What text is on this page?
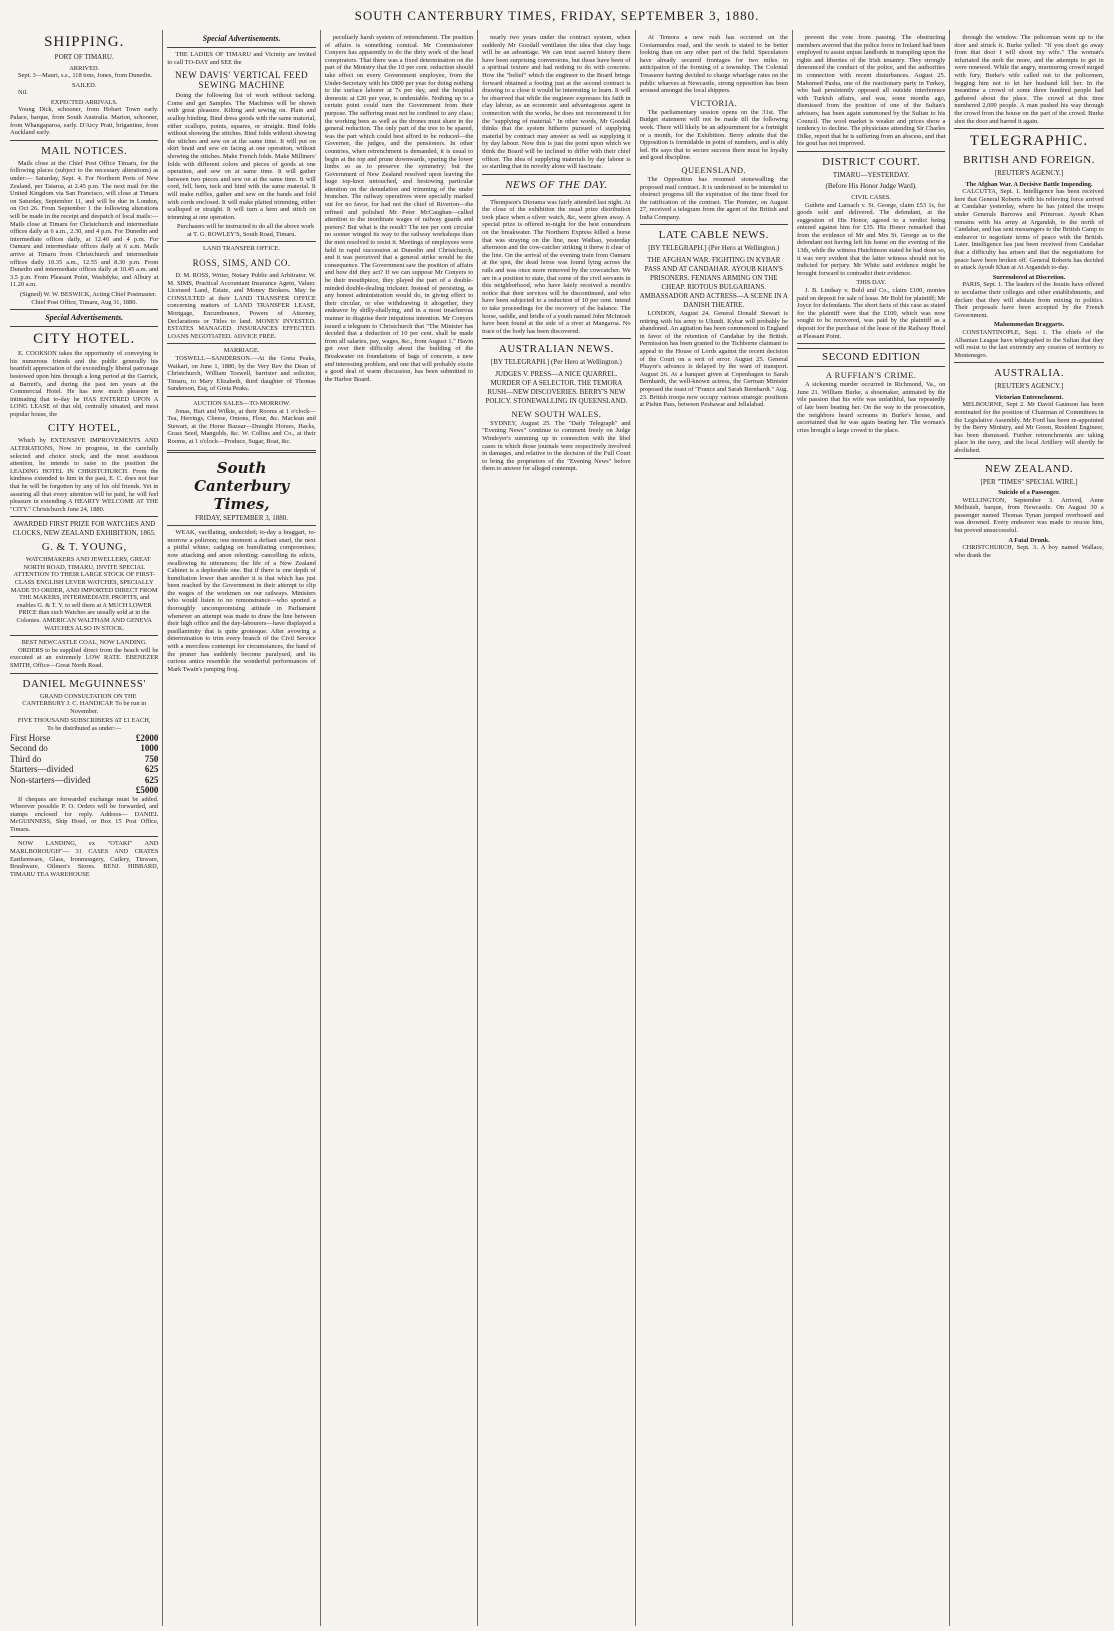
SOUTH CANTERBURY TIMES, FRIDAY, SEPTEMBER 3, 1880.
SHIPPING.
PORT OF TIMARU.
ARRIVED.
Sept. 3—Mauri, s.s., 118 tons, Jones, from Dunedin.
SAILED.
Nil.
EXPECTED ARRIVALS.
Young Dick, schooner, from Hobart Town early. Palace, barque, from South Australia. Marion, schooner, from Whangaparoa, early. D'Arcy Pratt, brigantine, from Auckland early.
MAIL NOTICES.
Mails close at the Chief Post Office Timaru, for the following places (subject to the necessary alterations) as under:— Saturday, Sept. 4. For Northern Ports of New Zealand, per Taiaroa, at 2.45 p.m. The next mail for the United Kingdom via San Francisco, will close at Timaru on Saturday, September 11, and will be due in London, on Oct 26. From September 1 the following alterations will be made in the receipt and despatch of local mails:— Mails close at Timaru for Christchurch and intermediate offices daily at 6 a.m., 2.30, and 4 p.m. For Dunedin and intermediate offices daily, at 12.40 and 4 p.m. For Oamaru and intermediate offices daily at 6 a.m. Mails arrive at Timaru from Christchurch and intermediate offices daily 10.35 a.m., 12.55 and 8.30 p.m. From Dunedin and intermediate offices daily at 10.45 a.m. and 3.5 p.m. From Pleasant Point, Washdyke, and Albury at 11.20 a.m.
(Signed) W. W. BESWICK, Acting Chief Postmaster. Chief Post Office, Timaru, Aug 31, 1880.
Special Advertisements.
CITY HOTEL.
E. COOKSON takes the opportunity of conveying to his numerous friends and the public generally his heartfelt appreciation of the exceedingly liberal patronage bestowed upon him through a long period at the Garrick, at Barrett's, and during the past ten years at the Commercial Hotel. He has now much pleasure in intimating that to-day he HAS ENTERED UPON A LONG LEASE of that old, centrally situated, and most popular house, the
CITY HOTEL,
Which by EXTENSIVE IMPROVEMENTS AND ALTERATIONS, Now in progress, in the carefully selected and choice stock, and the most assiduous attention, he intends to raise to the position the LEADING HOTEL IN CHRISTCHURCH. From the kindness extended to him in the past, E. C. does not fear that he will be forgotten by any of his old friends. Yet in assuring all that every attention will be paid, he will feel pleasure in extending A HEARTY WELCOME AT THE "CITY." Christchurch June 24, 1880.
AWARDED FIRST PRIZE FOR WATCHES AND CLOCKS, NEW ZEALAND EXHIBITION, 1865.
G. & T. YOUNG,
WATCHMAKERS AND JEWELLERS, GREAT NORTH ROAD, TIMARU, INVITE SPECIAL ATTENTION TO THEIR LARGE STOCK OF FIRST-CLASS ENGLISH LEVER WATCHES, SPECIALLY MADE TO ORDER, AND IMPORTED DIRECT FROM THE MAKERS, INTERMEDIATE PROFITS, and enables G. & T. Y. to sell them at A MUCH LOWER PRICE than such Watches are usually sold at in the Colonies. AMERICAN WALTHAM AND GENEVA WATCHES ALSO IN STOCK.
BEST NEWCASTLE COAL, NOW LANDING.
ORDERS to be supplied direct from the beach will be executed at an extremely LOW RATE. EBENEZER SMITH, Office—Great North Road.
DANIEL McGUINNESS'
GRAND CONSULTATION ON THE CANTERBURY J. C. HANDICAP. To be run in November.
FIVE THOUSAND SUBSCRIBERS AT £1 EACH,
To be distributed as under:—
First Horse	£2000
Second do	1000
Third do	750
Starters—divided	625
Non-starters—divided	625
£5000
If cheques are forwarded exchange must be added. Wherever possible P. O. Orders will be forwarded, and stamps enclosed for reply. Address— DANIEL McGUINNESS, Ship Hotel, or Box 15 Post Office, Timaru.
NOW LANDING, ex "OTAKI" AND MARLBOROUGH"— 31 CASES AND CRATES Earthenware, Glass, Ironmongery, Cutlery, Tinware, Brushware, Oilmen's Stores. BENJ. HIBBARD, TIMARU TEA WAREHOUSE
Special Advertisements.
THE LADIES OF TIMARU and Vicinity are invited to call TO-DAY and SEE the
NEW DAVIS' VERTICAL FEED SEWING MACHINE
Doing the following list of work without tacking. Come and get Samples. The Machines will be shown with great pleasure. Kilting and sewing on. Plain and scallop binding. Bind dress goods with the same material, either scallops, points, squares, or straight. Bind folds without showing the stitches. Bind folds without showing the stitches and sew on at the same time. It will put on skirt braid and sew on facing at one operation, without showing the stitches. Make French folds. Make Milliners' folds with different colors and pieces of goods at one operation, and sew on at same time. It will gather between two pieces and sew on at the same time. It will cord, fell, hem, tuck and bind with the same material. It will make ruffles, gather and sew on the bands and fold with cords enclosed. It will make plaited trimming, either scalloped or straight. It will turn a hem and stitch on trimming at one operation.
Purchasers will be instructed to do all the above work at T. G. ROWLEY'S, South Road, Timaru.
LAND TRANSFER OFFICE.
ROSS, SIMS, AND CO.
D. M. ROSS, Writer, Notary Public and Arbitrator. W. M. SIMS, Practical Accountant Insurance Agent, Valuer. Licensed Land, Estate, and Money Brokers. May be CONSULTED at their LAND TRANSFER OFFICE concerning matters of LAND TRANSFER LEASE, Mortgage, Encumbrance, Powers of Attorney, Declarations or Titles to land. MONEY INVESTED. ESTATES MANAGED. INSURANCES EFFECTED. LOANS NEGOTIATED. ADVICE FREE.
MARRIAGE.
TOSWELL—SANDERSON.—At the Greta Peaks, Waikari, on June 1, 1880, by the Very Rev the Dean of Christchurch, William Toswell, barrister and solicitor, Timaru, to Mary Elizabeth, third daughter of Thomas Sanderson, Esq, of Greta Peaks.
AUCTION SALES—TO-MORROW.
Jonas, Hart and Wilkie, at their Rooms at 1 o'clock—Tea, Herrings, Cheese, Onions, Flour, &c. Maclean and Stewart, at the Horse Bazaar—Draught Horses, Hacks, Grass Seed, Mangolds, &c. W. Collins and Co., at their Rooms, at 1 o'clock—Produce, Sugar, Boat, &c.
South Canterbury Times,
FRIDAY, SEPTEMBER 3, 1880.
WEAK, vacillating, undecided; to-day a braggart, to-morrow a poltroon; one moment a defiant snarl, the next a pitiful whine; cadging on humiliating compromises; now attacking and anon relenting; cancelling its edicts, swallowing its utterances; the life of a New Zealand Cabinet is a deplorable one. But if there is one depth of humiliation lower than another it is that which has just been reached by the Government in their attempt to clip the wages of the workmen on our railways. Ministers who would listen to no remonstrance—who sported a thoroughly uncompromising attitude in Parliament whenever an attempt was made to draw the line between their high office and the day-labourers—have displayed a pusillanimity that is quite grotesque. After avowing a determination to trim every branch of the Civil Service with a merciless contempt for circumstances, the hand of the pruner has suddenly become paralysed, and its curious antics resemble the wonderful performances of Mark Twain's jumping frog.
peculiarly harsh system of retrenchment. The position of affairs is something comical. Mr Commissioner Conyers has apparently to do the dirty work of the head conspirators. That there was a fixed determination on the part of the Ministry that the 10 per cent. reduction should take effect on every Government employee, from the Under-Secretary with his £800 per year for doing nothing to the surface laborer at 7s per day, and the hospital domestic at £20 per year, is undeniable. Nothing up to a certain point could turn the Government from their purpose. The suffering must not be confined to any class; the working bees as well as the drones must share in the general reduction. The only part of the tree to be spared, was the part which could best afford to be reduced—the Governor, the judges, and the pensioners. In other countries, when retrenchment is demanded, it is usual to begin at the top and prune downwards, sparing the lower limbs so as to preserve the symmetry; but the Government of New Zealand resolved upon leaving the huge top-knot untouched, and bestowing particular attention on the denudation and trimming of the under branches. The railway operatives were specially marked out for no favor, for had not the chief of Riverton—the refined and polished Mr Peter McCaughan—called attention to the inordinate wages of railway guards and porters? But what is the result? The ten per cent circular no sooner winged its way to the railway workshops than the men resolved to resist it. Meetings of employees were held in rapid succession at Dunedin and Christchurch, and it was perceived that a general strike would be the consequence. The Government saw the position of affairs and how did they act? If we can suppose Mr Conyers to be their mouthpiece, they played the part of a double-minded double-dealing trickster. Instead of persisting, as any honest administration would do, in giving effect to their circular, or else withdrawing it altogether, they endeavor by shilly-shallying, and in a most treacherous manner to disguise their iniquitous intention. Mr Conyers issued a telegram to Christchurch that "The Minister has decided that a deduction of 10 per cent. shall be made from all salaries, pay, wages, &c., from August 1." Havin got over their difficulty about the building of the Breakwater on foundations of bags of concrete, a new and interesting problem, and one that will probably excite a good deal of warm discussion, has been submitted to the Harbor Board.
nearly two years under the contract system, when suddenly Mr Goodall ventilates the idea that clay bags will be an advantage. We can trust sacred history there have been surprising conversions, but those have been of a spiritual texture and had nothing to do with concrete. How the "belief" which the engineer to the Board brings forward obtained a footing just at the second contract is drawing to a close it would be interesting to learn. It will be observed that while the engineer expresses his faith in clay labour, as an economic and advantageous agent in connection with the works, he does not recommend it for the "supplying of material." In other words, Mr Goodall thinks that the system hitherto pursued of supplying material by contract may answer as well as supplying it by day labour. Now this is just the point upon which we think the Board will be inclined to differ with their chief officer. The idea of supplying materials by day labour is so startling that its novelty alone will fascinate.
NEWS OF THE DAY.
Thompson's Diorama was fairly attended last night. At the close of the exhibition the usual prize distribution took place when a silver watch, &c, were given away. A special prize is offered to-night for the best conundrum on the breakwater. The Northern Express killed a horse that was straying on the line, near Waihao, yesterday afternoon and the cow-catcher striking it threw it clear of the line. On the arrival of the evening train from Oamaru at the spot, the dead horse was found lying across the rails and was once more removed by the cowcatcher. We are in a position to state, that some of the civil servants in this neighborhood, who have lately received a month's notice that their services will be discontinued, and who have been subjected to a reduction of 10 per cent. intend to take proceedings for the recovery of the balance. The horse, saddle, and bridle of a youth named John McIntosh have been found at the side of a river at Mangaroa. No trace of the body has been discovered.
AUSTRALIAN NEWS.
[BY TELEGRAPH.] (Per Hero at Wellington.)
JUDGES V. PRESS—A NICE QUARREL. MURDER OF A SELECTOR. THE TEMORA RUSH—NEW DISCOVERIES. BERRY'S NEW POLICY. STONEWALLING IN QUEENSLAND.
NEW SOUTH WALES.
SYDNEY, August 25. The "Daily Telegraph" and "Evening News" continue to comment freely on Judge Windeyer's summing up in connection with the libel cases in which those journals were respectively involved in damages, and relative to the decision of the Full Court to bring the proprietors of the "Evening News" before them to answer for alleged contempt.
At Temora a new rush has occurred on the Cootamundra road, and the work is stated to be better looking than on any other part of the field. Speculators have already secured frontages for two miles in anticipation of the forming of a township. The Colonial Treasurer having decided to charge wharfage rates on the public wharves at Newcastle, strong opposition has been aroused amongst the local shippers.
VICTORIA.
The parliamentary session opens on the 31st. The Budget statement will not be made till the following week. There will likely be an adjournment for a fortnight or a month, for the Exhibition. Berry admits that the Opposition is formidable in point of numbers, and is ably led. He says that to secure success there must be loyalty and good discipline.
QUEENSLAND.
The Opposition has resumed stonewalling the proposed mail contract. It is understood to be intended to obstruct progress till the expiration of the time fixed for the ratification of the contract. The Premier, on August 27, received a telegram from the agent of the British and India Company.
LATE CABLE NEWS.
[BY TELEGRAPH.] (Per Hero at Wellington.)
THE AFGHAN WAR. FIGHTING IN KYBAR PASS AND AT CANDAHAR. AYOUB KHAN'S PRISONERS. FENIANS ARMING ON THE CHEAP. RIOTOUS BULGARIANS. AMBASSADOR AND ACTRESS—A SCENE IN A DANISH THEATRE.
LONDON, August 24. General Donald Stewart is retiring with his army to Ulundi. Kybar will probably be abandoned. An agitation has been commenced in England in favor of the retention of Candahar by the British. Permission has been granted to the Tichborne claimant to appeal to the House of Lords against the recent decision of the Court on a writ of error. August 25. General Phayre's advance is delayed by the want of transport. August 26. At a banquet given at Copenhagen to Sarah Bernhardt, the well-known actress, the German Minister proposed the toast of "France and Sarah Bernhardt." Aug. 23. British troops now occupy various strategic positions at Pishin Pass, between Peshawar and Jellalabad.
prevent the vote from passing. The obstructing members averred that the police force in Ireland had been employed to assist unjust landlords in trampling upon the rights and liberties of the Irish tenantry. They strongly denounced the conduct of the police, and the authorities in connection with recent disturbances. August 25. Mahomed Pasha, one of the reactionary party in Turkey, who had persistently opposed all outside interference with Turkish affairs, and was, some months ago, dismissed from the position of one of the Sultan's advisers, has been again summoned by the Sultan to his Council. The wool market is weaker and prices show a tendency to decline. The physicians attending Sir Charles Dilke, report that he is suffering from an abscess, and that his gout has not improved.
DISTRICT COURT.
TIMARU—YESTERDAY.
(Before His Honor Judge Ward).
CIVIL CASES.
Guthrie and Larnach v. St. George, claim £53 1s, for goods sold and delivered. The defendant, at the suggestion of His Honor, agreed to a verdict being entered against him for £35. His Honor remarked that from the evidence of Mr and Mrs St. George as to the defendant not having left his home on the evening of the 13th, while the witness Hutchinson stated he had done so, it was very evident that the latter witness should not be indicted for perjury. Mr White said evidence might be brought forward to contradict their evidence.
THIS DAY.
J. B. Lindsay v. Bold and Co., claim £100, monies paid on deposit for sale of lease. Mr Bold for plaintiff; Mr Joyce for defendants. The short facts of this case as stated for the plaintiff were that the £100, which was now sought to be recovered, was paid by the plaintiff as a deposit for the purchase of the lease of the Railway Hotel at Pleasant Point.
SECOND EDITION
A RUFFIAN'S CRIME.
A sickening murder occurred in Richmond, Va., on June 21. William Burke, a shoemaker, animated by the vile passion that his wife was unfaithful, has repeatedly of late been beating her. On the way to the prosecution, the neighbors heard screams in Burke's house, and ascertained that he was again beating her. The woman's cries brought a large crowd to the place.
through the window. The policeman went up to the door and struck it. Burke yelled: "If you don't go away from that door I will shoot my wife." The woman's infuriated the mob the more, and the attempts to get in were renewed. While the angry, murmuring crowd surged with fury, Burke's wife called out to the policemen, begging him not to let her husband kill her. In the meantime a crowd of some three hundred people had gathered about the place. The crowd at this time numbered 2,000 people. A man pushed his way through the crowd from the house on the part of the crowd. Burke shot the door and barred it again.
TELEGRAPHIC.
BRITISH AND FOREIGN.
[REUTER'S AGENCY.]
The Afghan War. A Decisive Battle Impending.
CALCUTTA, Sept. 1. Intelligence has been received here that General Roberts with his relieving force arrived at Candahar yesterday, where he has joined the troops under Generals Burrows and Primrose. Ayoub Khan remains with his army at Argandab, to the north of Candahar, and has sent messengers to the British Camp to endeavor to negotiate terms of peace with the British. Later. Intelligence has just been received from Candahar that a difficulty has arisen and that the negotiations for peace have been broken off. General Roberts has decided to attack Ayoub Khan at At Argandab to-day.
Surrendered at Discretion.
PARIS, Sept. 1. The leaders of the Jesuits have offered to secularise their colleges and other establishments, and declare that they will abstain from mixing in politics. Their proposals have been accepted by the French Government.
Mahommedan Braggarts.
CONSTANTINOPLE, Sept. 1. The chiefs of the Albanian League have telegraphed to the Sultan that they will resist to the last extremity any cession of territory to Montenegro.
AUSTRALIA.
[REUTER'S AGENCY.]
Victorian Entrenchment.
MELBOURNE, Sept 2. Mr David Gaunson has been nominated for the position of Chairman of Committees in the Legislative Assembly. Mr Ford has been re-appointed by the Berry Ministry, and Mr Green, Resident Engineer, has been dismissed. Further retrenchments are taking place in the navy, and the local Artillery will shortly be abolished.
NEW ZEALAND.
[PER "TIMES" SPECIAL WIRE.]
Suicide of a Passenger.
WELLINGTON, September 3. Arrived, Anne Melhuish, barque, from Newcastle. On August 30 a passenger named Thomas Tynan jumped overboard and was drowned. Every endeavor was made to rescue him, but proved unsuccessful.
A Fatal Drunk.
CHRISTCHURCH, Sept. 3. A boy named Wallace, who drank the
